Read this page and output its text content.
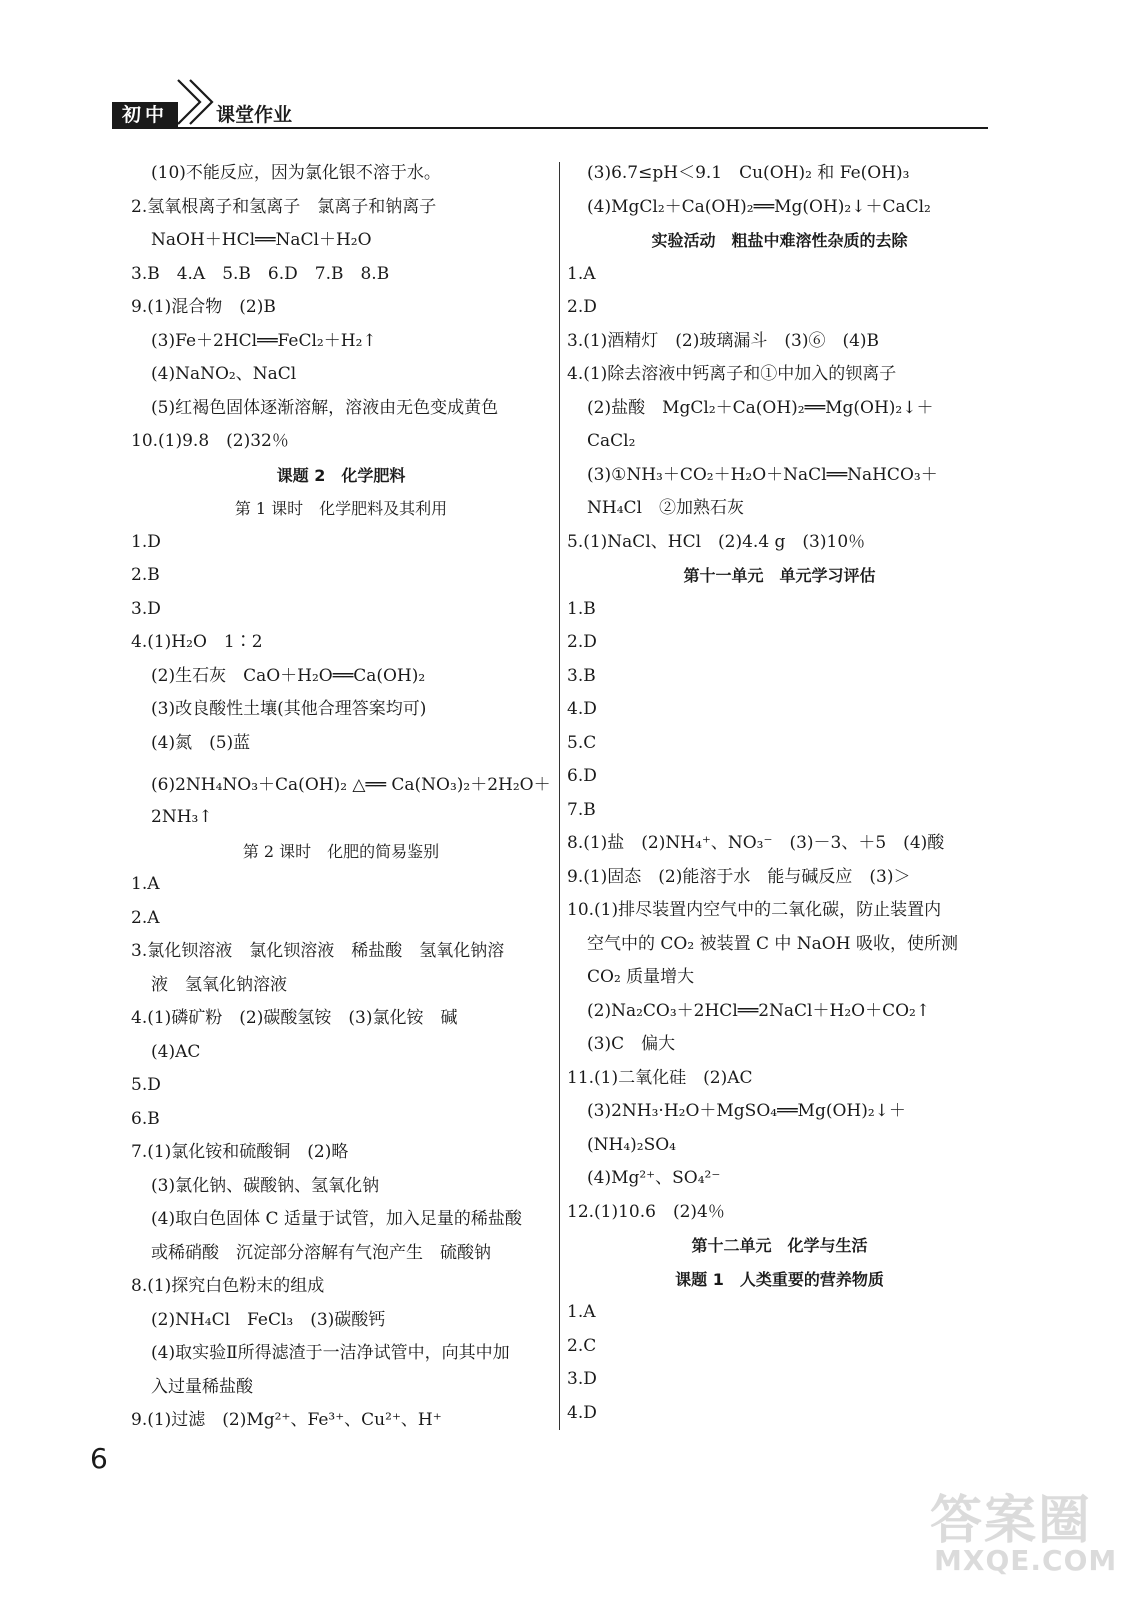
初中	课堂作业
(10)不能反应，因为氯化银不溶于水。
2.氢氧根离子和氢离子　氯离子和钠离子
NaOH＋HCl══NaCl＋H₂O
3.B　4.A　5.B　6.D　7.B　8.B
9.(1)混合物　(2)B
(3)Fe＋2HCl══FeCl₂＋H₂↑
(4)NaNO₂、NaCl
(5)红褐色固体逐渐溶解，溶液由无色变成黄色
10.(1)9.8　(2)32％
课题 2　化学肥料
第 1 课时　化学肥料及其利用
1.D
2.B
3.D
4.(1)H₂O　1∶2
(2)生石灰　CaO＋H₂O══Ca(OH)₂
(3)改良酸性土壤(其他合理答案均可)
(4)氮　(5)蓝
(6)2NH₄NO₃＋Ca(OH)₂ △══ Ca(NO₃)₂＋2H₂O＋
2NH₃↑
第 2 课时　化肥的简易鉴别
1.A
2.A
3.氯化钡溶液　氯化钡溶液　稀盐酸　氢氧化钠溶
液　氢氧化钠溶液
4.(1)磷矿粉　(2)碳酸氢铵　(3)氯化铵　碱
(4)AC
5.D
6.B
7.(1)氯化铵和硫酸铜　(2)略
(3)氯化钠、碳酸钠、氢氧化钠
(4)取白色固体 C 适量于试管，加入足量的稀盐酸
或稀硝酸　沉淀部分溶解有气泡产生　硫酸钠
8.(1)探究白色粉末的组成
(2)NH₄Cl　FeCl₃　(3)碳酸钙
(4)取实验Ⅱ所得滤渣于一洁净试管中，向其中加
入过量稀盐酸
9.(1)过滤　(2)Mg²⁺、Fe³⁺、Cu²⁺、H⁺
(3)6.7≤pH＜9.1　Cu(OH)₂ 和 Fe(OH)₃
(4)MgCl₂＋Ca(OH)₂══Mg(OH)₂↓＋CaCl₂
实验活动　粗盐中难溶性杂质的去除
1.A
2.D
3.(1)酒精灯　(2)玻璃漏斗　(3)⑥　(4)B
4.(1)除去溶液中钙离子和①中加入的钡离子
(2)盐酸　MgCl₂＋Ca(OH)₂══Mg(OH)₂↓＋
CaCl₂
(3)①NH₃＋CO₂＋H₂O＋NaCl══NaHCO₃＋
NH₄Cl　②加熟石灰
5.(1)NaCl、HCl　(2)4.4 g　(3)10％
第十一单元　单元学习评估
1.B
2.D
3.B
4.D
5.C
6.D
7.B
8.(1)盐　(2)NH₄⁺、NO₃⁻　(3)－3、＋5　(4)酸
9.(1)固态　(2)能溶于水　能与碱反应　(3)＞
10.(1)排尽装置内空气中的二氧化碳，防止装置内
空气中的 CO₂ 被装置 C 中 NaOH 吸收，使所测
CO₂ 质量增大
(2)Na₂CO₃＋2HCl══2NaCl＋H₂O＋CO₂↑
(3)C　偏大
11.(1)二氧化硅　(2)AC
(3)2NH₃·H₂O＋MgSO₄══Mg(OH)₂↓＋
(NH₄)₂SO₄
(4)Mg²⁺、SO₄²⁻
12.(1)10.6　(2)4％
第十二单元　化学与生活
课题 1　人类重要的营养物质
1.A
2.C
3.D
4.D
6
答案圈
MXQE.COM
